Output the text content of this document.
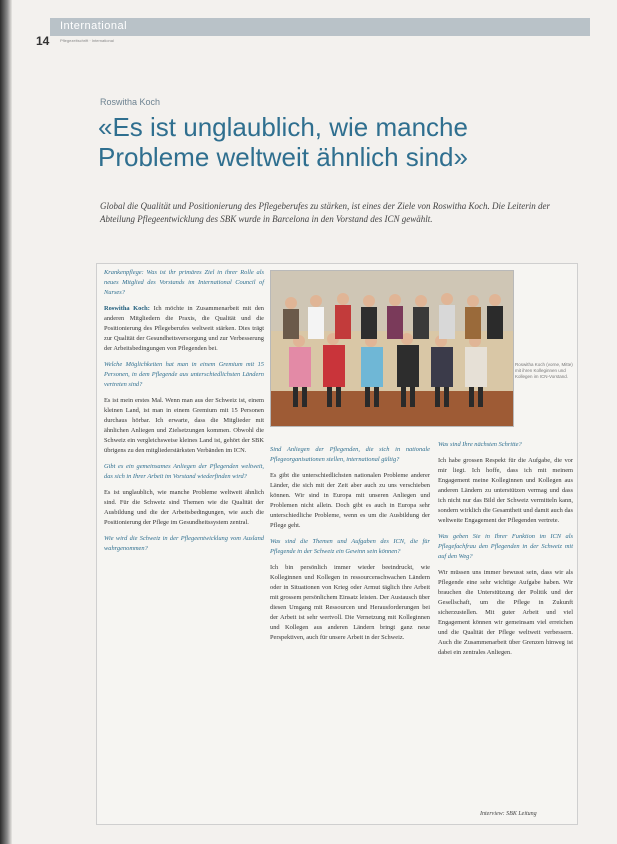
International
14	Pflegezeitschrift · International
Roswitha Koch
«Es ist unglaublich, wie manche Probleme weltweit ähnlich sind»
Global die Qualität und Positionierung des Pflegeberufes zu stärken, ist eines der Ziele von Roswitha Koch. Die Leiterin der Abteilung Pflegeentwicklung des SBK wurde in Barcelona in den Vorstand des ICN gewählt.

Krankenpflege: Was ist ihr primäres Ziel in ihrer Rolle als neues Mitglied des Vorstands im International Council of Nurses?

Roswitha Koch: Ich möchte in Zusammenarbeit mit den anderen Mitgliedern die Praxis, die Qualität und die Positionierung des Pflegeberufes weltweit stärken. Dies trägt zur Qualität der Gesundheitsversorgung und zur Verbesserung der Arbeitsbedingungen von Pflegenden bei.

Welche Möglichkeiten hat man in einem Gremium mit 15 Personen, in dem Pflegende aus unterschiedlichsten Ländern vertreten sind?

Es ist mein erstes Mal. Wenn man aus der Schweiz ist, einem kleinen Land, ist man in einem Gremium mit 15 Personen durchaus hörbar. Ich erwarte, dass die Mitglieder mit ähnlichen Anliegen und Zielsetzungen kommen. Obwohl die Schweiz ein vergleichsweise kleines Land ist, gehört der SBK übrigens zu den mitgliederstärksten Verbänden im ICN.

Gibt es ein gemeinsames Anliegen der Pflegenden weltweit, das sich in Ihrer Arbeit im Vorstand wiederfinden wird?

Es ist unglaublich, wie manche Probleme weltweit ähnlich sind. Für die Schweiz sind Themen wie die Qualität der Ausbildung und die der Arbeitsbedingungen, wie auch die Positionierung der Pflege im Gesundheitssystem zentral.

Wie wird die Schweiz in der Pflegeentwicklung vom Ausland wahrgenommen?

Sind Anliegen der Pflegenden, die sich in nationale Pflegeorganisationen stellen, international gültig?

Es gibt die unterschiedlichsten nationalen Probleme anderer Länder, die sich mit der Zeit aber auch zu uns verschieben können. Wir sind in Europa mit unseren Anliegen und Problemen nicht allein. Doch gibt es auch in Europa sehr unterschiedliche Probleme, wenn es um die Ausbildung der Pflege geht.

Was sind die Themen und Aufgaben des ICN, die für Pflegende in der Schweiz ein Gewinn sein können?

Ich bin persönlich immer wieder beeindruckt, wie Kolleginnen und Kollegen in ressourcenschwachen Ländern oder in Situationen von Krieg oder Armut täglich ihre Arbeit mit grossem persönlichem Einsatz leisten. Der Austausch über diesen Umgang mit Ressourcen und Herausforderungen bei der Arbeit ist sehr wertvoll. Die Vernetzung mit Kolleginnen und Kollegen aus anderen Ländern bringt ganz neue Perspektiven, auch für unsere Arbeit in der Schweiz.

Was sind Ihre nächsten Schritte?

Ich habe grossen Respekt für die Aufgabe, die vor mir liegt. Ich hoffe, dass ich mit meinem Engagement meine Kolleginnen und Kollegen aus anderen Ländern zu unterstützen vermag und dass ich nicht nur das Bild der Schweiz vermitteln kann, sondern wirklich die Gesamtheit und damit auch das weltweite Engagement der Pflegenden vertrete.

Was geben Sie in Ihrer Funktion im ICN als Pflegefachfrau den Pflegenden in der Schweiz mit auf den Weg?

Wir müssen uns immer bewusst sein, dass wir als Pflegende eine sehr wichtige Aufgabe haben. Wir brauchen die Unterstützung der Politik und der Gesellschaft, um die Pflege in Zukunft sicherzustellen. Mit guter Arbeit und viel Engagement können wir gemeinsam viel erreichen und die Qualität der Pflege weltweit verbessern. Auch die Zusammenarbeit über Grenzen hinweg ist dabei ein zentrales Anliegen.

Roswitha Koch (vorne, Mitte) mit ihren Kolleginnen und Kollegen im ICN-Vorstand.
Interview: SBK Leitung
